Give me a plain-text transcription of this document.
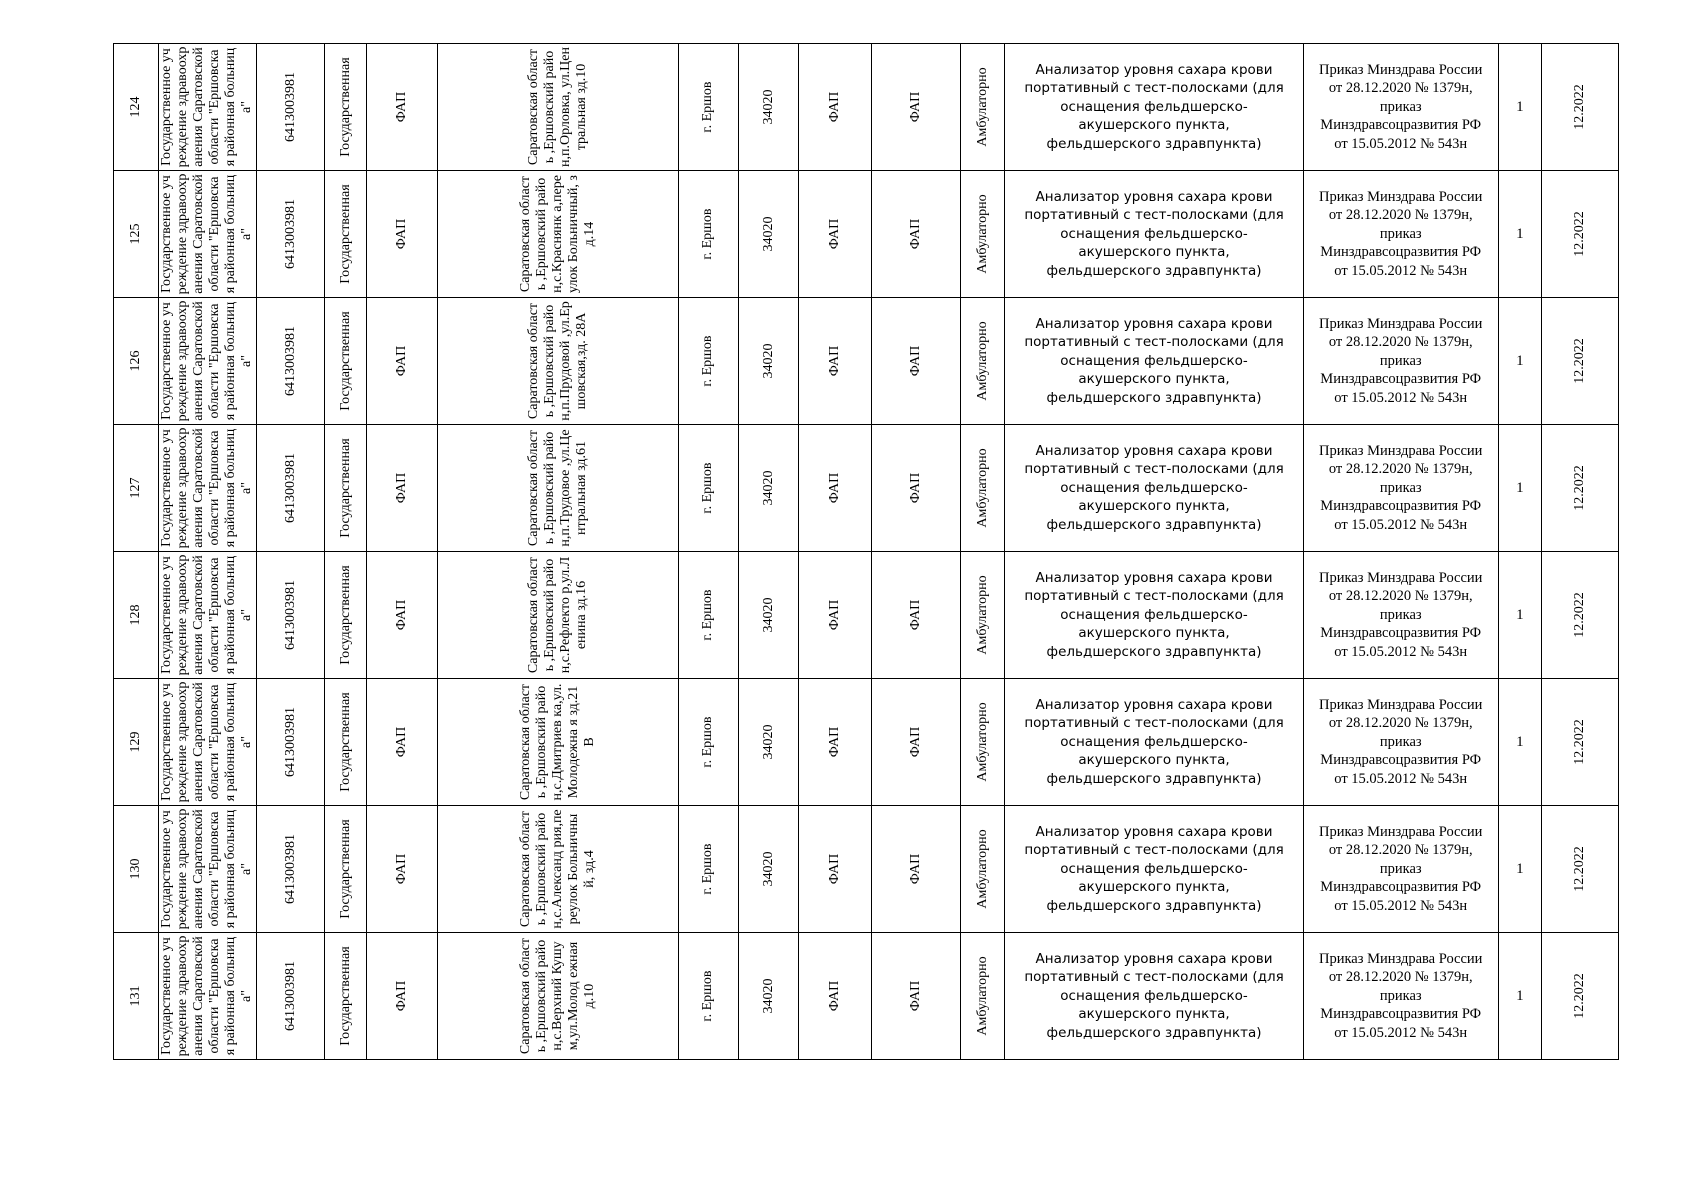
124	Государственное учреждение здравоохранения Саратовской области "Ершовская районная больница"	6413003981	Государственная	ФАП	Саратовская область ,Ершовский район,п.Орловка, ул.Центральная зд.10	г. Ершов	34020	ФАП	ФАП	Амбулаторно	Анализатор уровня сахара крови портативный с тест-полосками (для оснащения фельдшерско-акушерского пункта, фельдшерского здравпункта)	Приказ Минздрава России от 28.12.2020 № 1379н, приказ Минздравсоцразвития РФ от 15.05.2012 № 543н	1	12.2022

125	Государственное учреждение здравоохранения Саратовской области "Ершовская районная больница"	6413003981	Государственная	ФАП	Саратовская область ,Ершовский район,с.Краснянк а,переулок Больничный, зд.14	г. Ершов	34020	ФАП	ФАП	Амбулаторно	Анализатор уровня сахара крови портативный с тест-полосками (для оснащения фельдшерско-акушерского пункта, фельдшерского здравпункта)	Приказ Минздрава России от 28.12.2020 № 1379н, приказ Минздравсоцразвития РФ от 15.05.2012 № 543н	1	12.2022

126	Государственное учреждение здравоохранения Саратовской области "Ершовская районная больница"	6413003981	Государственная	ФАП	Саратовская область ,Ершовский район,п.Прудовой ,ул.Ершовская,зд. 28А	г. Ершов	34020	ФАП	ФАП	Амбулаторно	Анализатор уровня сахара крови портативный с тест-полосками (для оснащения фельдшерско-акушерского пункта, фельдшерского здравпункта)	Приказ Минздрава России от 28.12.2020 № 1379н, приказ Минздравсоцразвития РФ от 15.05.2012 № 543н	1	12.2022

127	Государственное учреждение здравоохранения Саратовской области "Ершовская районная больница"	6413003981	Государственная	ФАП	Саратовская область ,Ершовский район,п.Трудовое ,ул.Центральная зд.61	г. Ершов	34020	ФАП	ФАП	Амбулаторно	Анализатор уровня сахара крови портативный с тест-полосками (для оснащения фельдшерско-акушерского пункта, фельдшерского здравпункта)	Приказ Минздрава России от 28.12.2020 № 1379н, приказ Минздравсоцразвития РФ от 15.05.2012 № 543н	1	12.2022

128	Государственное учреждение здравоохранения Саратовской области "Ершовская районная больница"	6413003981	Государственная	ФАП	Саратовская область ,Ершовский район,с.Рефлекто р,ул.Ленина зд.16	г. Ершов	34020	ФАП	ФАП	Амбулаторно	Анализатор уровня сахара крови портативный с тест-полосками (для оснащения фельдшерско-акушерского пункта, фельдшерского здравпункта)	Приказ Минздрава России от 28.12.2020 № 1379н, приказ Минздравсоцразвития РФ от 15.05.2012 № 543н	1	12.2022

129	Государственное учреждение здравоохранения Саратовской области "Ершовская районная больница"	6413003981	Государственная	ФАП	Саратовская область ,Ершовский район,с.Дмитриев ка,ул.Молодежна я зд.21В	г. Ершов	34020	ФАП	ФАП	Амбулаторно	Анализатор уровня сахара крови портативный с тест-полосками (для оснащения фельдшерско-акушерского пункта, фельдшерского здравпункта)	Приказ Минздрава России от 28.12.2020 № 1379н, приказ Минздравсоцразвития РФ от 15.05.2012 № 543н	1	12.2022

130	Государственное учреждение здравоохранения Саратовской области "Ершовская районная больница"	6413003981	Государственная	ФАП	Саратовская область ,Ершовский район,с.Александ рия,переулок Больничный, зд.4	г. Ершов	34020	ФАП	ФАП	Амбулаторно	Анализатор уровня сахара крови портативный с тест-полосками (для оснащения фельдшерско-акушерского пункта, фельдшерского здравпункта)	Приказ Минздрава России от 28.12.2020 № 1379н, приказ Минздравсоцразвития РФ от 15.05.2012 № 543н	1	12.2022

131	Государственное учреждение здравоохранения Саратовской области "Ершовская районная больница"	6413003981	Государственная	ФАП	Саратовская область ,Ершовский район,с.Верхний Кушум,ул.Молод ежная д.10	г. Ершов	34020	ФАП	ФАП	Амбулаторно	Анализатор уровня сахара крови портативный с тест-полосками (для оснащения фельдшерско-акушерского пункта, фельдшерского здравпункта)	Приказ Минздрава России от 28.12.2020 № 1379н, приказ Минздравсоцразвития РФ от 15.05.2012 № 543н	1	12.2022
